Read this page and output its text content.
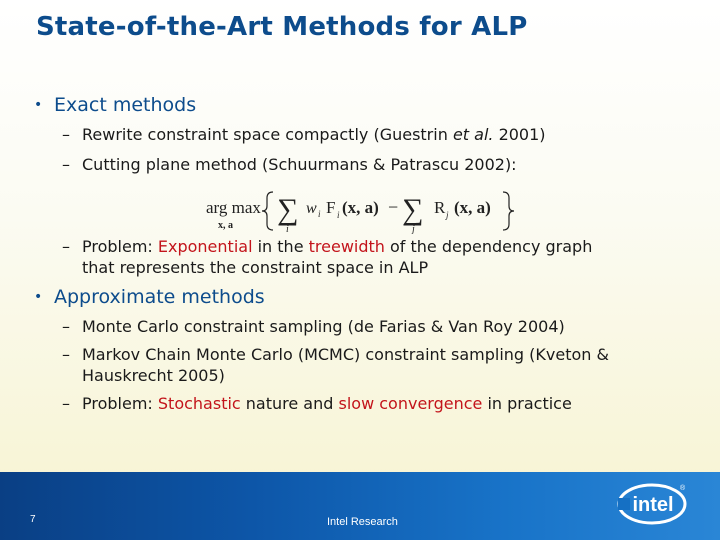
State-of-the-Art Methods for ALP
• Exact methods
– Rewrite constraint space compactly (Guestrin et al. 2001)
– Cutting plane method (Schuurmans & Patrascu 2002):
arg max
x, a ∑
i
w i F i (x, a) − ∑
j
R j (x, a)
– Problem: Exponential in the treewidth of the dependency graph
that represents the constraint space in ALP
• Approximate methods
– Monte Carlo constraint sampling (de Farias & Van Roy 2004)
– Markov Chain Monte Carlo (MCMC) constraint sampling (Kveton &
Hauskrecht 2005)
– Problem: Stochastic nature and slow convergence in practice
7	Intel Research
intel
®
